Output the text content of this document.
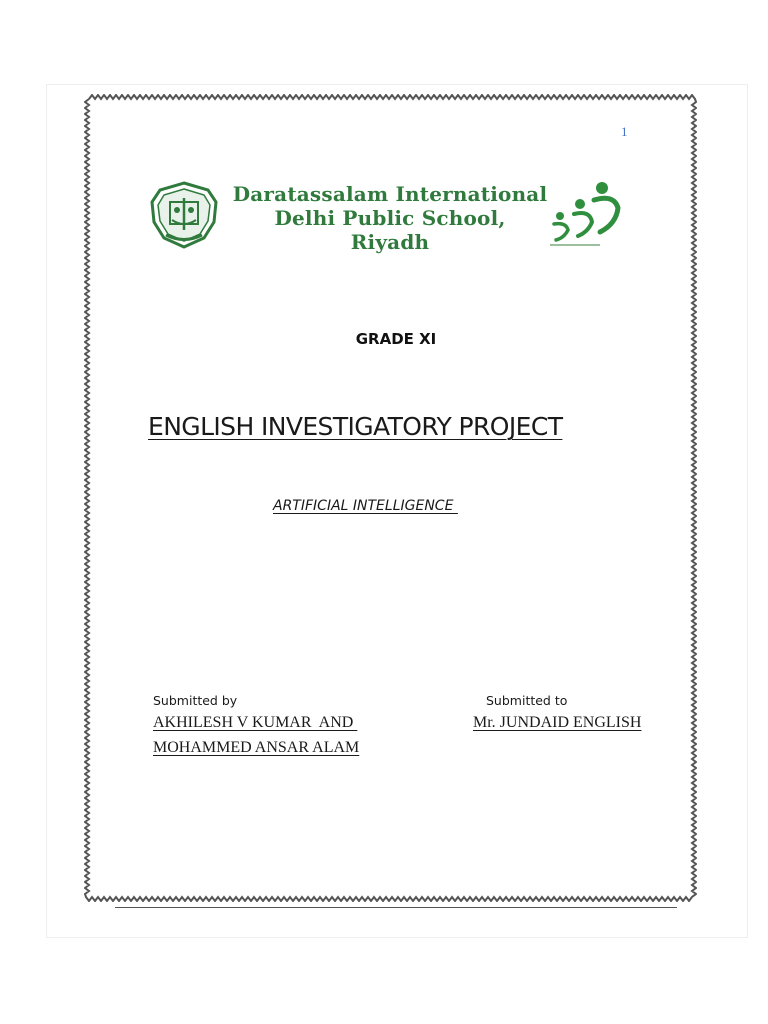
1
Daratassalam International
Delhi Public School,
Riyadh
GRADE XI
ENGLISH INVESTIGATORY PROJECT
ARTIFICIAL INTELLIGENCE
Submitted by	Submitted to
AKHILESH V KUMAR  AND
MOHAMMED ANSAR ALAM
Mr. JUNDAID ENGLISH
